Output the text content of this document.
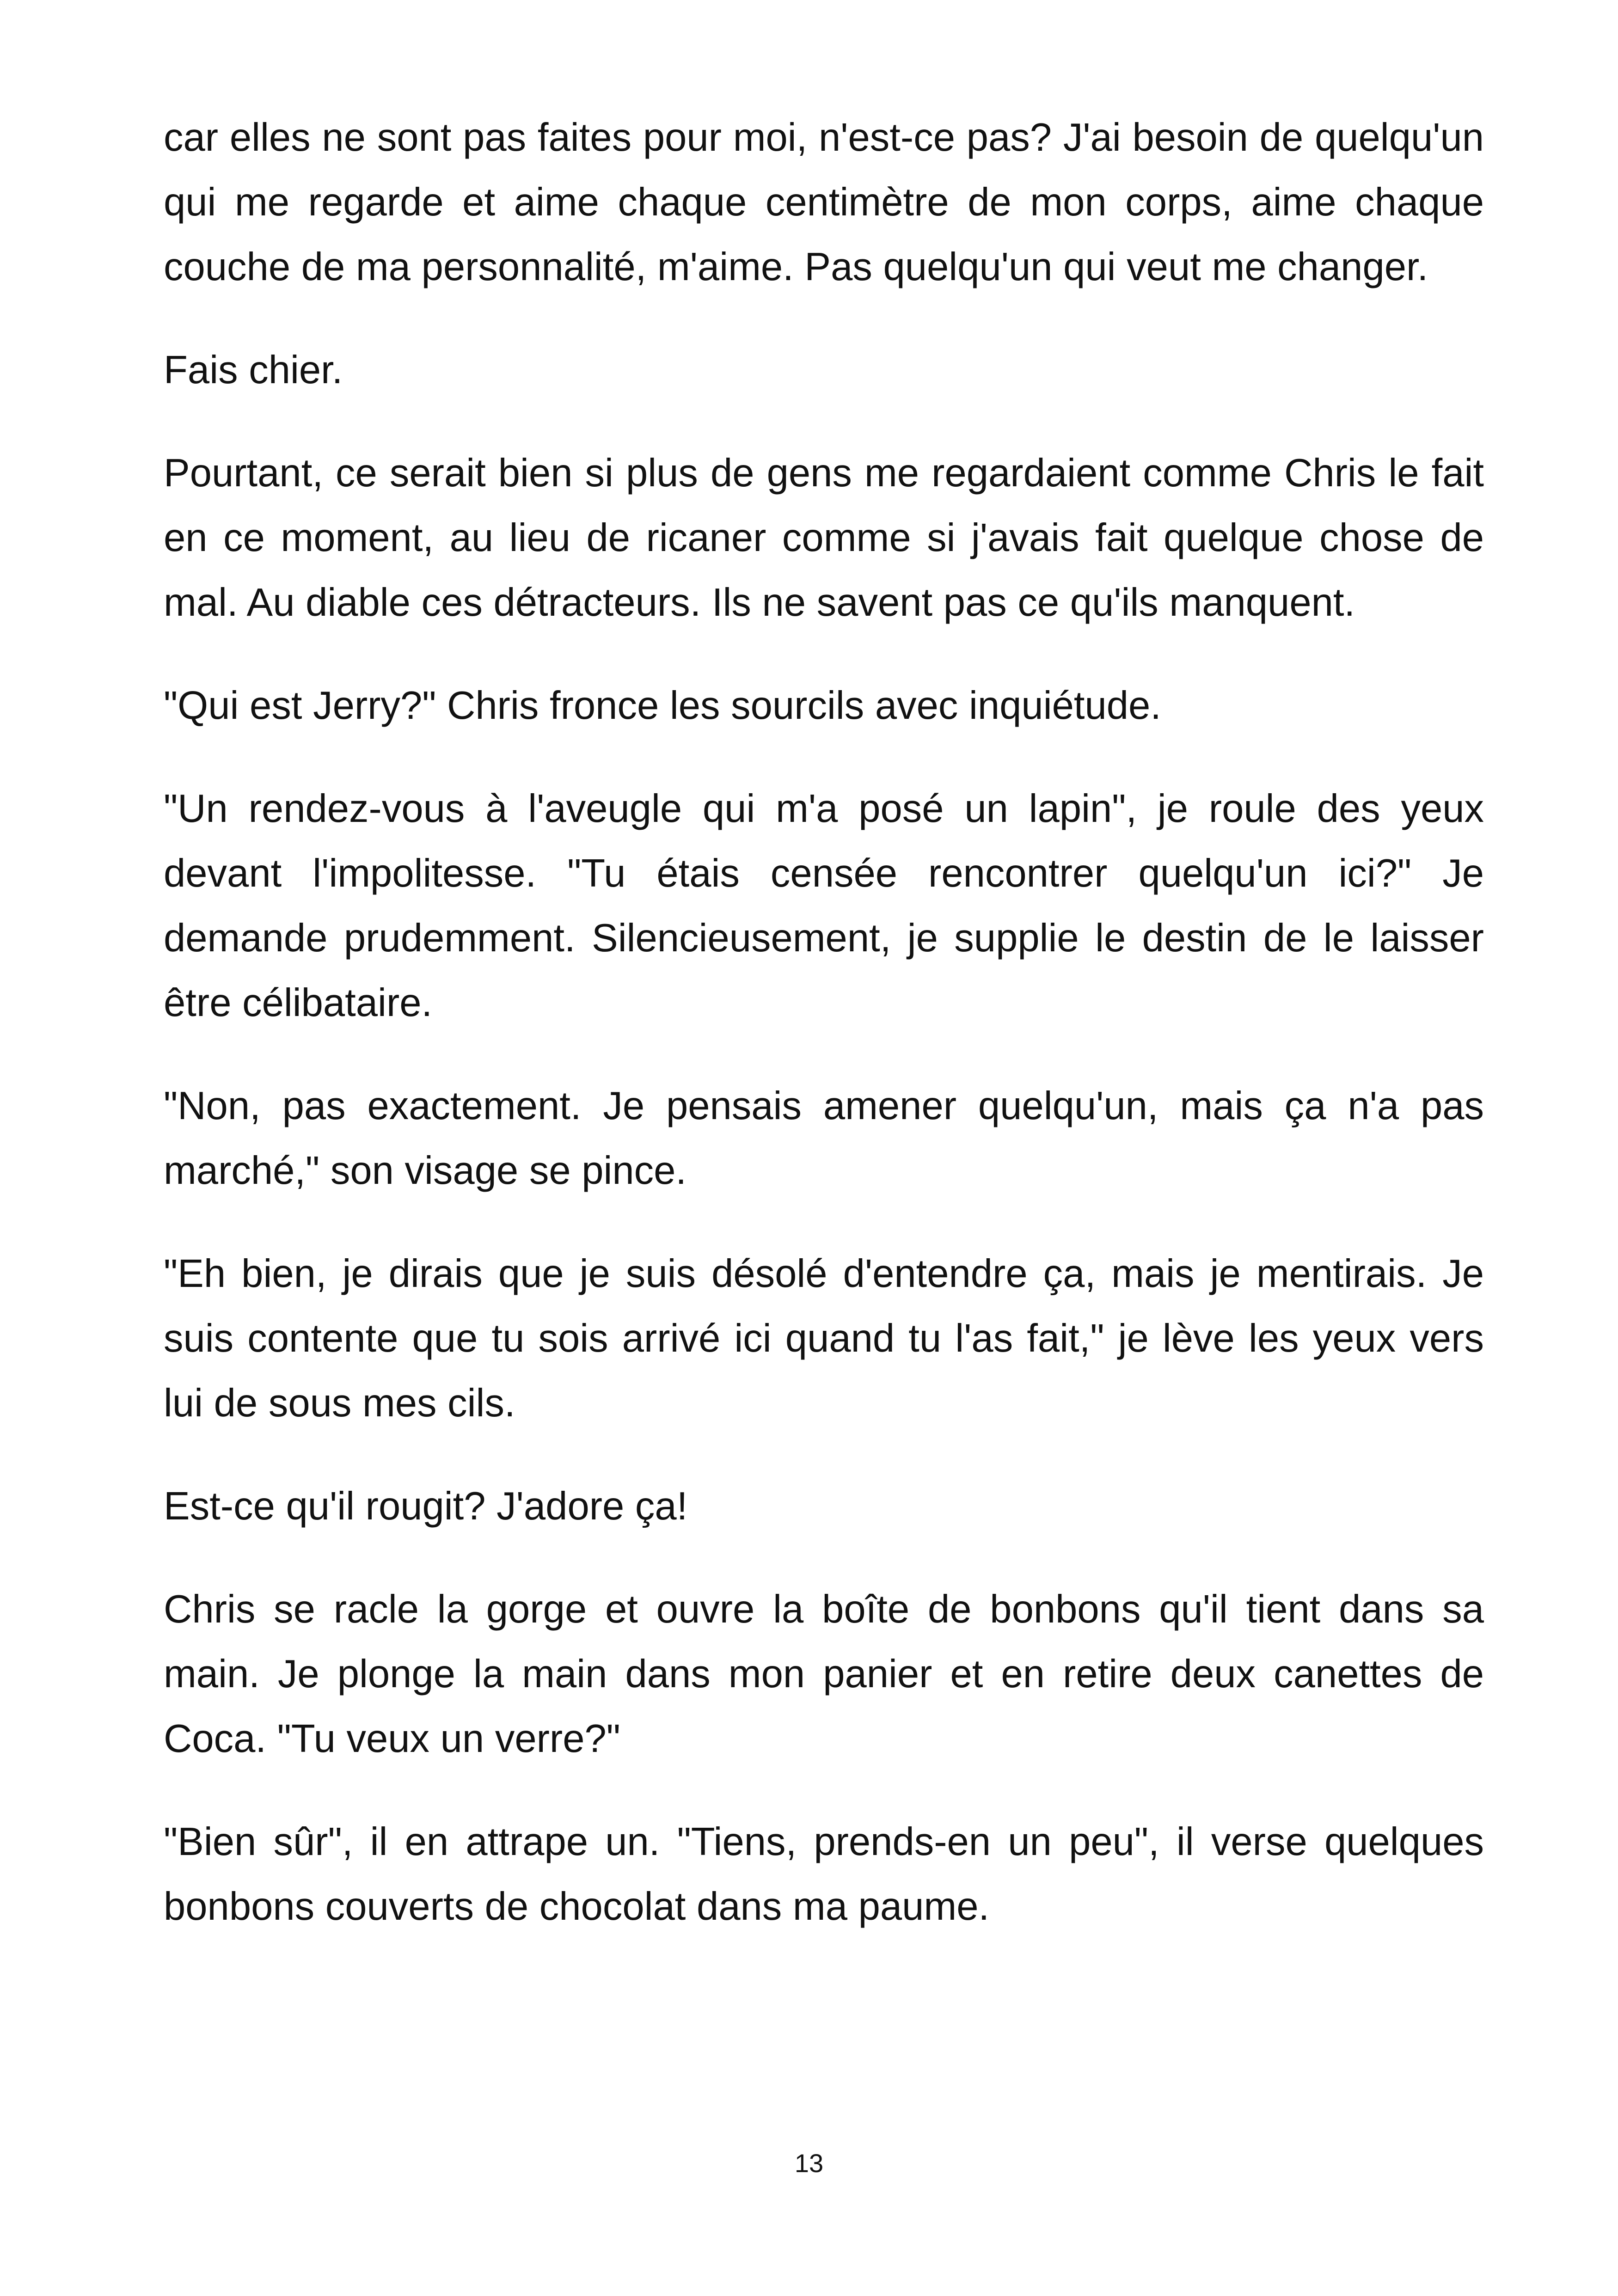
car elles ne sont pas faites pour moi, n'est-ce pas? J'ai besoin de quelqu'un qui me regarde et aime chaque centimètre de mon corps, aime chaque couche de ma personnalité, m'aime. Pas quelqu'un qui veut me changer.

Fais chier.

Pourtant, ce serait bien si plus de gens me regardaient comme Chris le fait en ce moment, au lieu de ricaner comme si j'avais fait quelque chose de mal. Au diable ces détracteurs. Ils ne savent pas ce qu'ils manquent.

"Qui est Jerry?" Chris fronce les sourcils avec inquiétude.

"Un rendez-vous à l'aveugle qui m'a posé un lapin", je roule des yeux devant l'impolitesse. "Tu étais censée rencontrer quelqu'un ici?" Je demande prudemment. Silencieusement, je supplie le destin de le laisser être célibataire.

"Non, pas exactement. Je pensais amener quelqu'un, mais ça n'a pas marché," son visage se pince.

"Eh bien, je dirais que je suis désolé d'entendre ça, mais je mentirais. Je suis contente que tu sois arrivé ici quand tu l'as fait," je lève les yeux vers lui de sous mes cils.

Est-ce qu'il rougit? J'adore ça!

Chris se racle la gorge et ouvre la boîte de bonbons qu'il tient dans sa main. Je plonge la main dans mon panier et en retire deux canettes de Coca. "Tu veux un verre?"

"Bien sûr", il en attrape un. "Tiens, prends-en un peu", il verse quelques bonbons couverts de chocolat dans ma paume.

13
